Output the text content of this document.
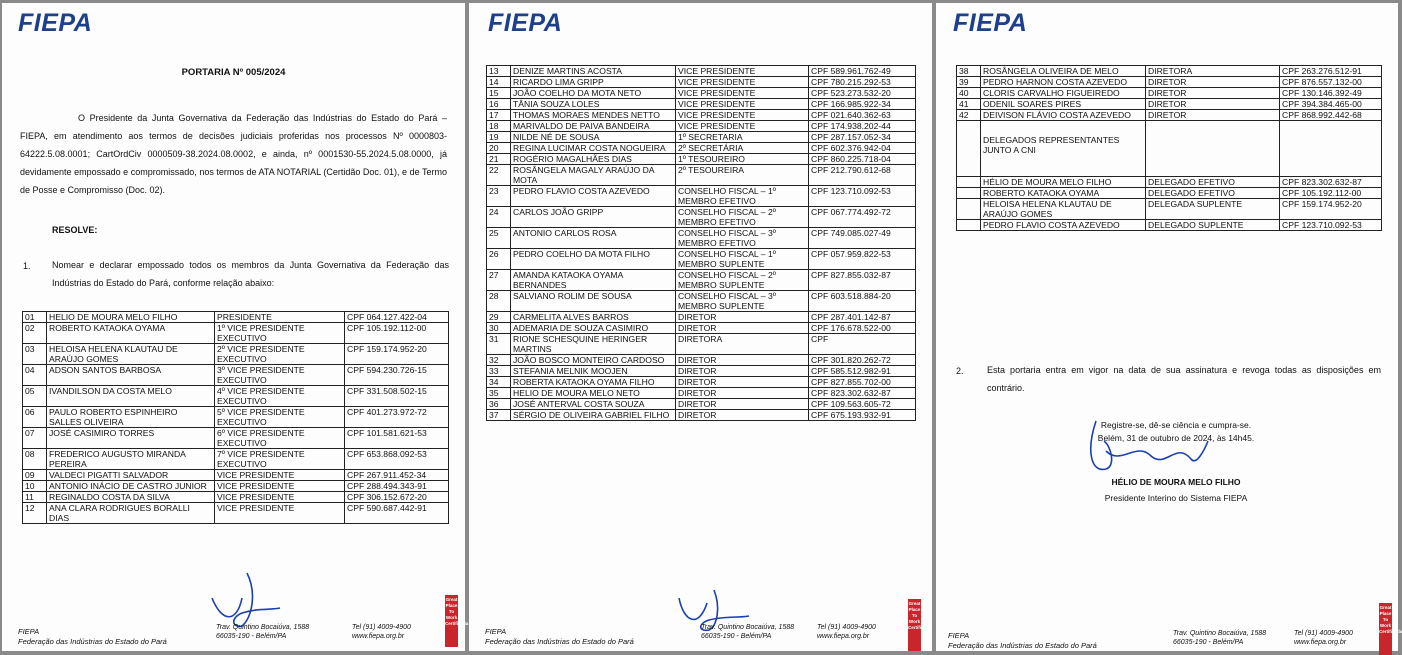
FIEPA
PORTARIA Nº 005/2024
O Presidente da Junta Governativa da Federação das Indústrias do Estado do Pará – FIEPA, em atendimento aos termos de decisões judiciais proferidas nos processos Nº 0000803-64222.5.08.0001; CartOrdCiv 0000509-38.2024.08.0002, e ainda, nº 0001530-55.2024.5.08.0000, já devidamente empossado e compromissado, nos termos de ATA NOTARIAL (Certidão Doc. 01), e de Termo de Posse e Compromisso (Doc. 02).
RESOLVE:
1. Nomear e declarar empossado todos os membros da Junta Governativa da Federação das Indústrias do Estado do Pará, conforme relação abaixo:
01	HELIO DE MOURA MELO FILHO	PRESIDENTE	CPF 064.127.422-04
02	ROBERTO KATAOKA OYAMA	1º VICE PRESIDENTE EXECUTIVO	CPF 105.192.112-00
03	HELOISA HELENA KLAUTAU DE ARAÚJO GOMES	2º VICE PRESIDENTE EXECUTIVO	CPF 159.174.952-20
04	ADSON SANTOS BARBOSA	3º VICE PRESIDENTE EXECUTIVO	CPF 594.230.726-15
05	IVANDILSON DA COSTA MELO	4º VICE PRESIDENTE EXECUTIVO	CPF 331.508.502-15
06	PAULO ROBERTO ESPINHEIRO SALLES OLIVEIRA	5º VICE PRESIDENTE EXECUTIVO	CPF 401.273.972-72
07	JOSÉ CASIMIRO TORRES	6º VICE PRESIDENTE EXECUTIVO	CPF 101.581.621-53
08	FREDERICO AUGUSTO MIRANDA PEREIRA	7º VICE PRESIDENTE EXECUTIVO	CPF 653.868.092-53
09	VALDECI PIGATTI SALVADOR	VICE PRESIDENTE	CPF 267.911.452-34
10	ANTONIO INÁCIO DE CASTRO JUNIOR	VICE PRESIDENTE	CPF 288.494.343-91
11	REGINALDO COSTA DA SILVA	VICE PRESIDENTE	CPF 306.152.672-20
12	ANA CLARA RODRIGUES BORALLI DIAS	VICE PRESIDENTE	CPF 590.687.442-91
FIEPA
Federação das Indústrias do Estado do Pará
Trav. Quintino Bocaiúva, 1588
66035-190 - Belém/PA
Tel (91) 4009-4900
www.fiepa.org.br
Great Place To Work Certificada
FIEPA
13	DENIZE MARTINS ACOSTA	VICE PRESIDENTE	CPF 589.961.762-49
14	RICARDO LIMA GRIPP	VICE PRESIDENTE	CPF 780.215.292-53
15	JOÃO COELHO DA MOTA NETO	VICE PRESIDENTE	CPF 523.273.532-20
16	TÂNIA SOUZA LOLES	VICE PRESIDENTE	CPF 166.985.922-34
17	THOMAS MORAES MENDES NETTO	VICE PRESIDENTE	CPF 021.640.362-63
18	MARIVALDO DE PAIVA BANDEIRA	VICE PRESIDENTE	CPF 174.938.202-44
19	NILDE NÉ DE SOUSA	1º SECRETARIA	CPF 287.157.052-34
20	REGINA LUCIMAR COSTA NOGUEIRA	2º SECRETÁRIA	CPF 602.376.942-04
21	ROGÉRIO MAGALHÃES DIAS	1º TESOUREIRO	CPF 860.225.718-04
22	ROSÂNGELA MAGALY ARAÚJO DA MOTA	2º TESOUREIRA	CPF 212.790.612-68
23	PEDRO FLAVIO COSTA AZEVEDO	CONSELHO FISCAL – 1º MEMBRO EFETIVO	CPF 123.710.092-53
24	CARLOS JOÃO GRIPP	CONSELHO FISCAL – 2º MEMBRO EFETIVO	CPF 067.774.492-72
25	ANTONIO CARLOS ROSA	CONSELHO FISCAL – 3º MEMBRO EFETIVO	CPF 749.085.027-49
26	PEDRO COELHO DA MOTA FILHO	CONSELHO FISCAL – 1º MEMBRO SUPLENTE	CPF 057.959.822-53
27	AMANDA KATAOKA OYAMA BERNANDES	CONSELHO FISCAL – 2º MEMBRO SUPLENTE	CPF 827.855.032-87
28	SALVIANO ROLIM DE SOUSA	CONSELHO FISCAL – 3º MEMBRO SUPLENTE	CPF 603.518.884-20
29	CARMELITA ALVES BARROS	DIRETOR	CPF 287.401.142-87
30	ADEMARIA DE SOUZA CASIMIRO	DIRETOR	CPF 176.678.522-00
31	RIONE SCHESQUINE HERINGER MARTINS	DIRETORA	CPF
32	JOÃO BOSCO MONTEIRO CARDOSO	DIRETOR	CPF 301.820.262-72
33	STEFANIA MELNIK MOOJEN	DIRETOR	CPF 585.512.982-91
34	ROBERTA KATAOKA OYAMA FILHO	DIRETOR	CPF 827.855.702-00
35	HELIO DE MOURA MELO NETO	DIRETOR	CPF 823.302.632-87
36	JOSÉ ANTERVAL COSTA SOUZA	DIRETOR	CPF 109.563.605-72
37	SÉRGIO DE OLIVEIRA GABRIEL FILHO	DIRETOR	CPF 675.193.932-91
FIEPA
Federação das Indústrias do Estado do Pará
Trav. Quintino Bocaiúva, 1588
66035-190 - Belém/PA
Tel (91) 4009-4900
www.fiepa.org.br
Great Place To Work Certificada
FIEPA
38	ROSÂNGELA OLIVEIRA DE MELO	DIRETORA	CPF 263.276.512-91
39	PEDRO HARNON COSTA AZEVEDO	DIRETOR	CPF 876.557.132-00
40	CLORIS CARVALHO FIGUEIREDO	DIRETOR	CPF 130.146.392-49
41	ODENIL SOARES PIRES	DIRETOR	CPF 394.384.465-00
42	DEIVISON FLÁVIO COSTA AZEVEDO	DIRETOR	CPF 868.992.442-68
	DELEGADOS REPRESENTANTES JUNTO A CNI		
	HÉLIO DE MOURA MELO FILHO	DELEGADO EFETIVO	CPF 823.302.632-87
	ROBERTO KATAOKA OYAMA	DELEGADO EFETIVO	CPF 105.192.112-00
	HELOISA HELENA KLAUTAU DE ARAÚJO GOMES	DELEGADA SUPLENTE	CPF 159.174.952-20
	PEDRO FLAVIO COSTA AZEVEDO	DELEGADO SUPLENTE	CPF 123.710.092-53
2.	Esta portaria entra em vigor na data de sua assinatura e revoga todas as disposições em contrário.
Registre-se, dê-se ciência e cumpra-se.
Belém, 31 de outubro de 2024, às 14h45.
HÉLIO DE MOURA MELO FILHO
Presidente Interino do Sistema FIEPA
FIEPA
Federação das Indústrias do Estado do Pará
Trav. Quintino Bocaiúva, 1588
66035-190 - Belém/PA
Tel (91) 4009-4900
www.fiepa.org.br
Great Place To Work Certificada
